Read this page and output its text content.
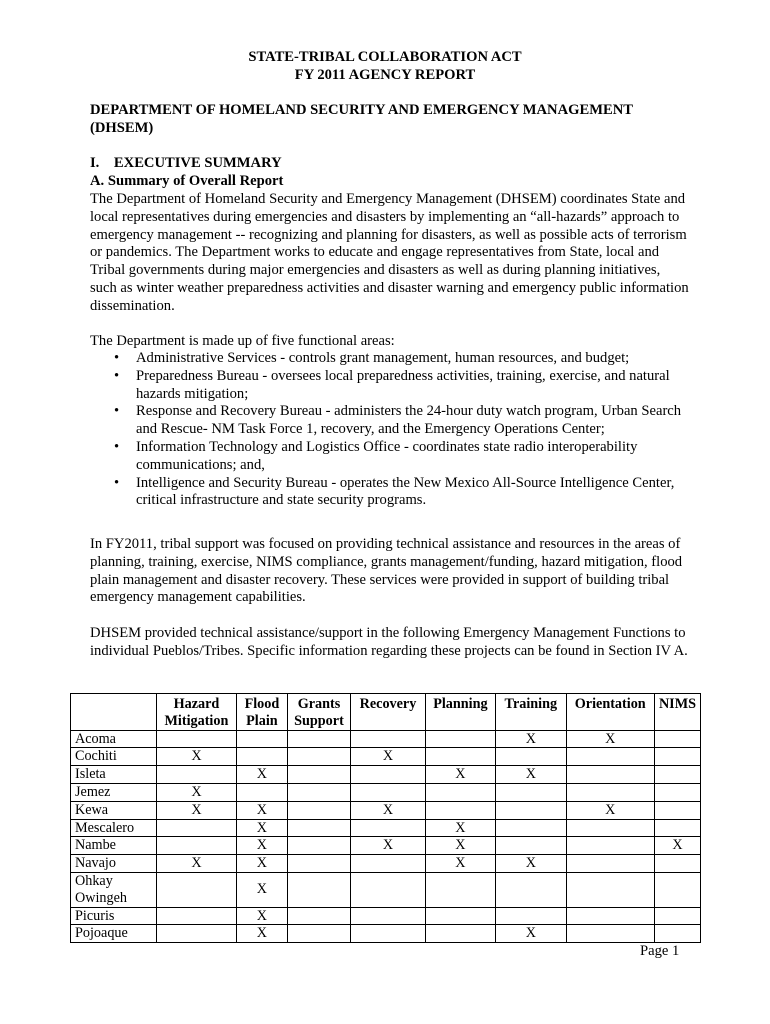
STATE-TRIBAL COLLABORATION ACT
FY 2011 AGENCY REPORT
DEPARTMENT OF HOMELAND SECURITY AND EMERGENCY MANAGEMENT
(DHSEM)
I.    EXECUTIVE SUMMARY
A. Summary of Overall Report

The Department of Homeland Security and Emergency Management (DHSEM) coordinates State and local representatives during emergencies and disasters by implementing an “all-hazards” approach to emergency management -- recognizing and planning for disasters, as well as possible acts of terrorism or pandemics. The Department works to educate and engage representatives from State, local and Tribal governments during major emergencies and disasters as well as during planning initiatives, such as winter weather preparedness activities and disaster warning and emergency public information dissemination.

The Department is made up of five functional areas:

• Administrative Services - controls grant management, human resources, and budget;
• Preparedness Bureau - oversees local preparedness activities, training, exercise, and natural hazards mitigation;
• Response and Recovery Bureau - administers the 24-hour duty watch program, Urban Search and Rescue- NM Task Force 1, recovery, and the Emergency Operations Center;
• Information Technology and Logistics Office - coordinates state radio interoperability communications; and,
• Intelligence and Security Bureau - operates the New Mexico All-Source Intelligence Center, critical infrastructure and state security programs.

In FY2011, tribal support was focused on providing technical assistance and resources in the areas of planning, training, exercise, NIMS compliance, grants management/funding, hazard mitigation, flood plain management and disaster recovery. These services were provided in support of building tribal emergency management capabilities.

DHSEM provided technical assistance/support in the following Emergency Management Functions to individual Pueblos/Tribes. Specific information regarding these projects can be found in Section IV A.

	Hazard Mitigation	Flood Plain	Grants Support	Recovery	Planning	Training	Orientation	NIMS
Acoma						X	X	
Cochiti	X			X				
Isleta		X			X	X		
Jemez	X							
Kewa	X	X		X			X	
Mescalero		X			X			
Nambe		X		X	X			X
Navajo	X	X			X	X		
Ohkay Owingeh		X						
Picuris		X						
Pojoaque		X				X		
Page 1
